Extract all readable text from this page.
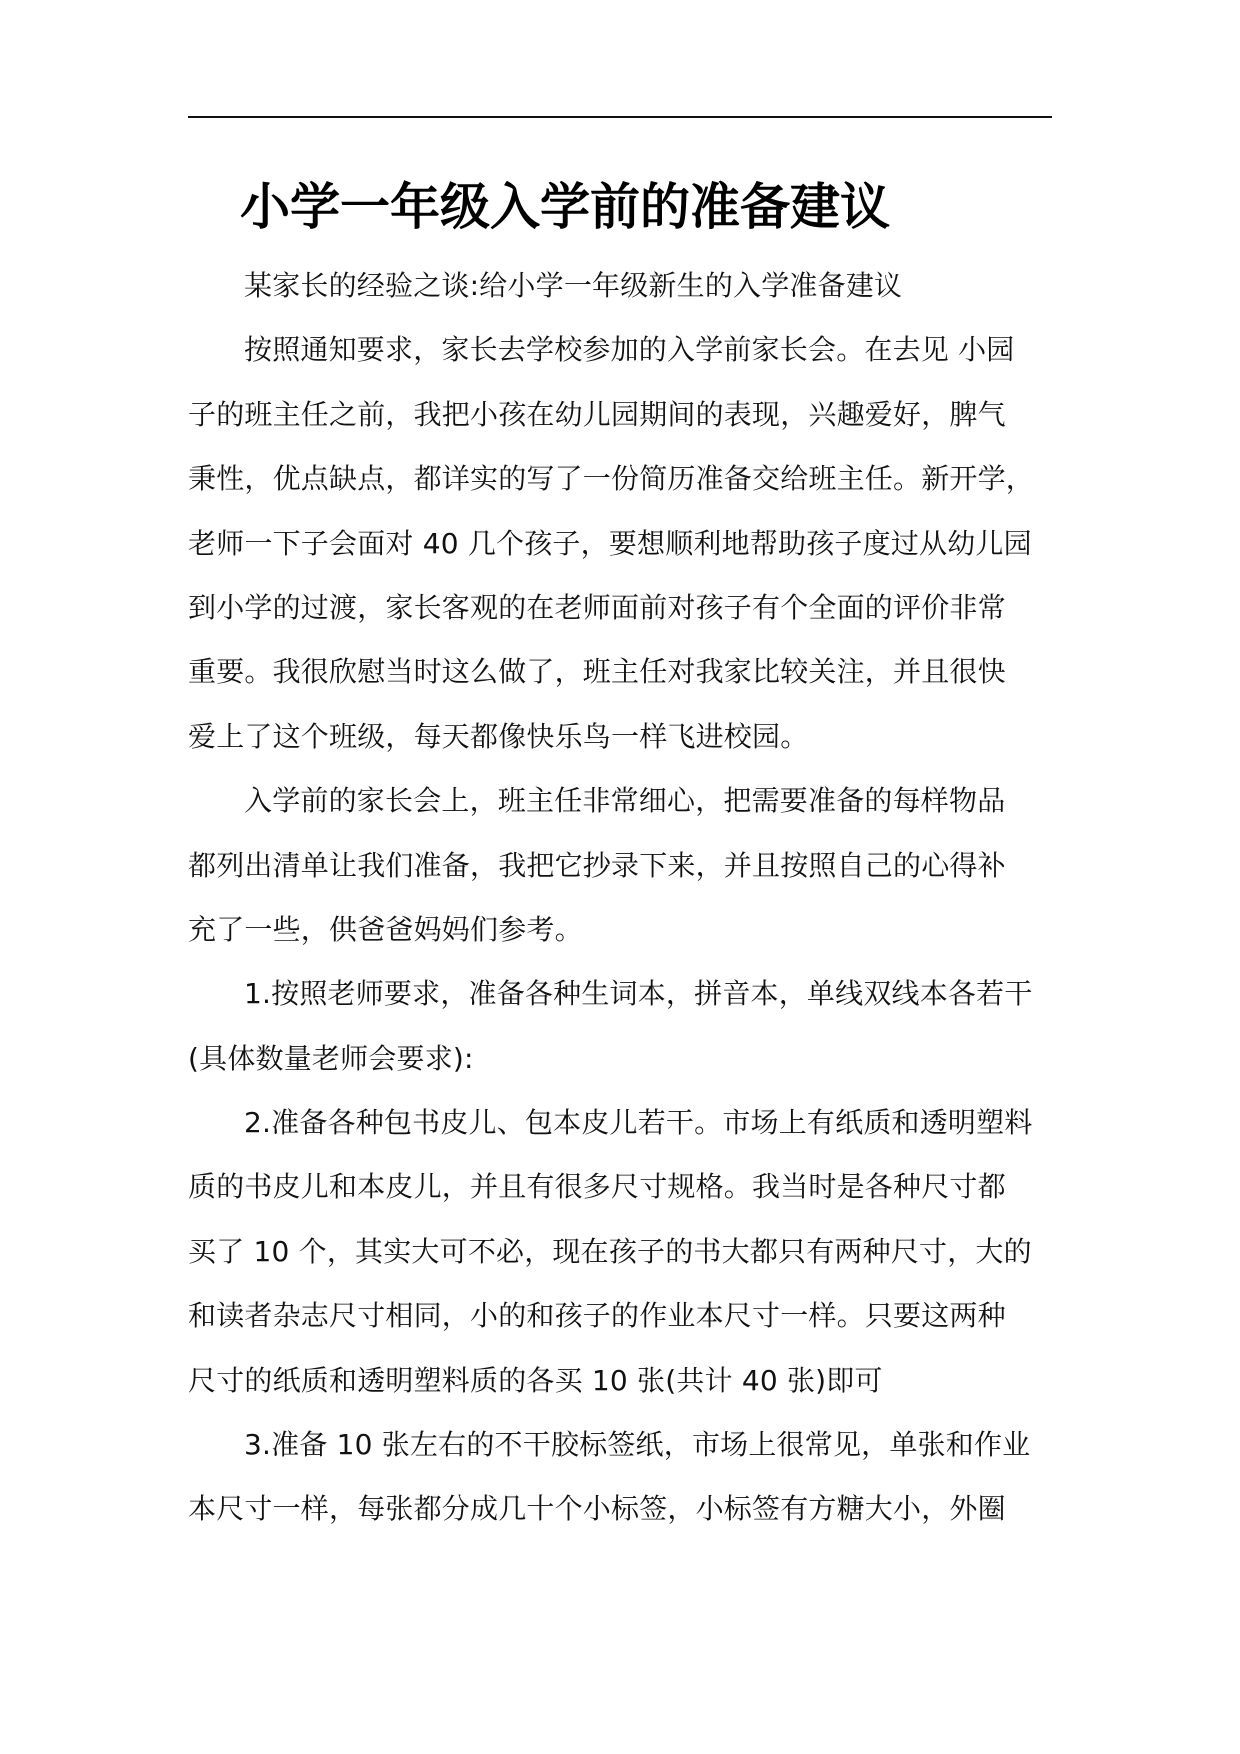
小学一年级入学前的准备建议

某家长的经验之谈:给小学一年级新生的入学准备建议

按照通知要求，家长去学校参加的入学前家长会。在去见 小园
子的班主任之前，我把小孩在幼儿园期间的表现，兴趣爱好，脾气
秉性，优点缺点，都详实的写了一份简历准备交给班主任。新开学，
老师一下子会面对 40 几个孩子，要想顺利地帮助孩子度过从幼儿园
到小学的过渡，家长客观的在老师面前对孩子有个全面的评价非常
重要。我很欣慰当时这么做了，班主任对我家比较关注，并且很快
爱上了这个班级，每天都像快乐鸟一样飞进校园。

入学前的家长会上，班主任非常细心，把需要准备的每样物品
都列出清单让我们准备，我把它抄录下来，并且按照自己的心得补
充了一些，供爸爸妈妈们参考。

1.按照老师要求，准备各种生词本，拼音本，单线双线本各若干
(具体数量老师会要求):

2.准备各种包书皮儿、包本皮儿若干。市场上有纸质和透明塑料
质的书皮儿和本皮儿，并且有很多尺寸规格。我当时是各种尺寸都
买了 10 个，其实大可不必，现在孩子的书大都只有两种尺寸，大的
和读者杂志尺寸相同，小的和孩子的作业本尺寸一样。只要这两种
尺寸的纸质和透明塑料质的各买 10 张(共计 40 张)即可

3.准备 10 张左右的不干胶标签纸，市场上很常见，单张和作业
本尺寸一样，每张都分成几十个小标签，小标签有方糖大小，外圈
